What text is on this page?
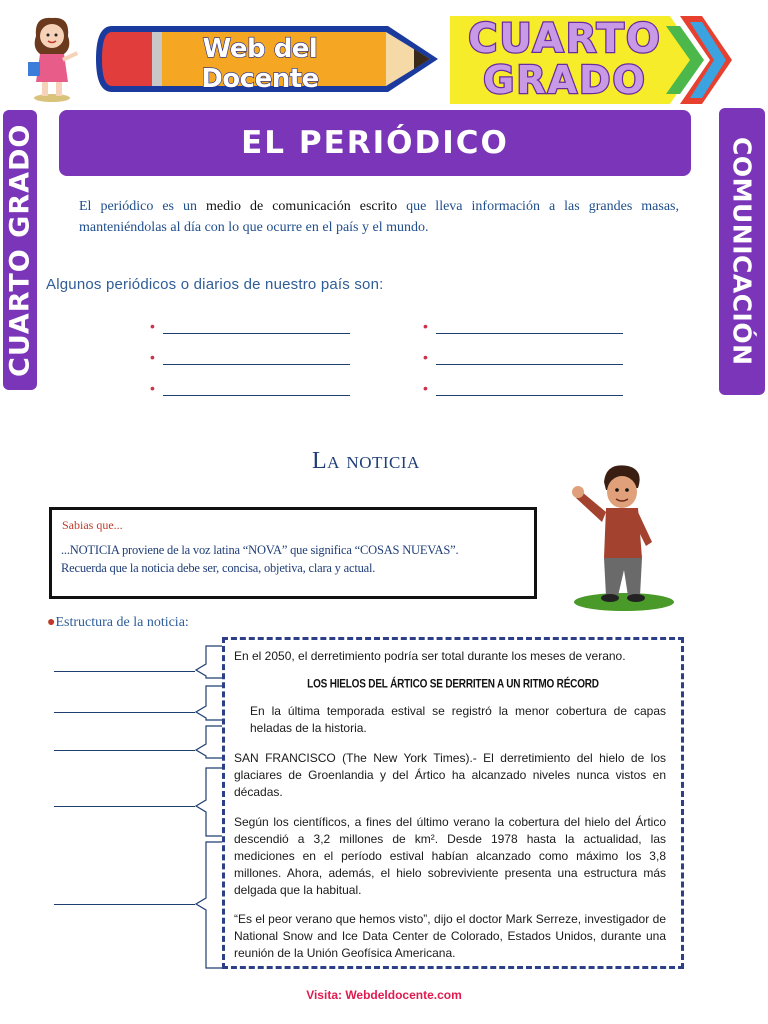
Web del Docente
CUARTO
GRADO
CUARTO GRADO	COMUNICACIÓN
EL PERIÓDICO

El periódico es un medio de comunicación escrito que lleva información a las grandes masas, manteniéndolas al día con lo que ocurre en el país y el mundo.

Algunos periódicos o diarios de nuestro país son:
•
•
•
•
•
•
La noticia
Sabias que...
...NOTICIA proviene de la voz latina “NOVA” que significa “COSAS NUEVAS”.
Recuerda que la noticia debe ser, concisa, objetiva, clara y actual.
●Estructura de la noticia:
En el 2050, el derretimiento podría ser total durante los meses de verano.
LOS HIELOS DEL ÁRTICO SE DERRITEN A UN RITMO RÉCORD
En la última temporada estival se registró la menor cobertura de capas heladas de la historia.
SAN FRANCISCO (The New York Times).- El derretimiento del hielo de los glaciares de Groenlandia y del Ártico ha alcanzado niveles nunca vistos en décadas.
Según los científicos, a fines del último verano la cobertura del hielo del Ártico descendió a 3,2 millones de km². Desde 1978 hasta la actualidad, las mediciones en el período estival habían alcanzado como máximo los 3,8 millones. Ahora, además, el hielo sobreviviente presenta una estructura más delgada que la habitual.
“Es el peor verano que hemos visto”, dijo el doctor Mark Serreze, investigador de National Snow and Ice Data Center de Colorado, Estados Unidos, durante una reunión de la Unión Geofísica Americana.
Visita: Webdeldocente.com
